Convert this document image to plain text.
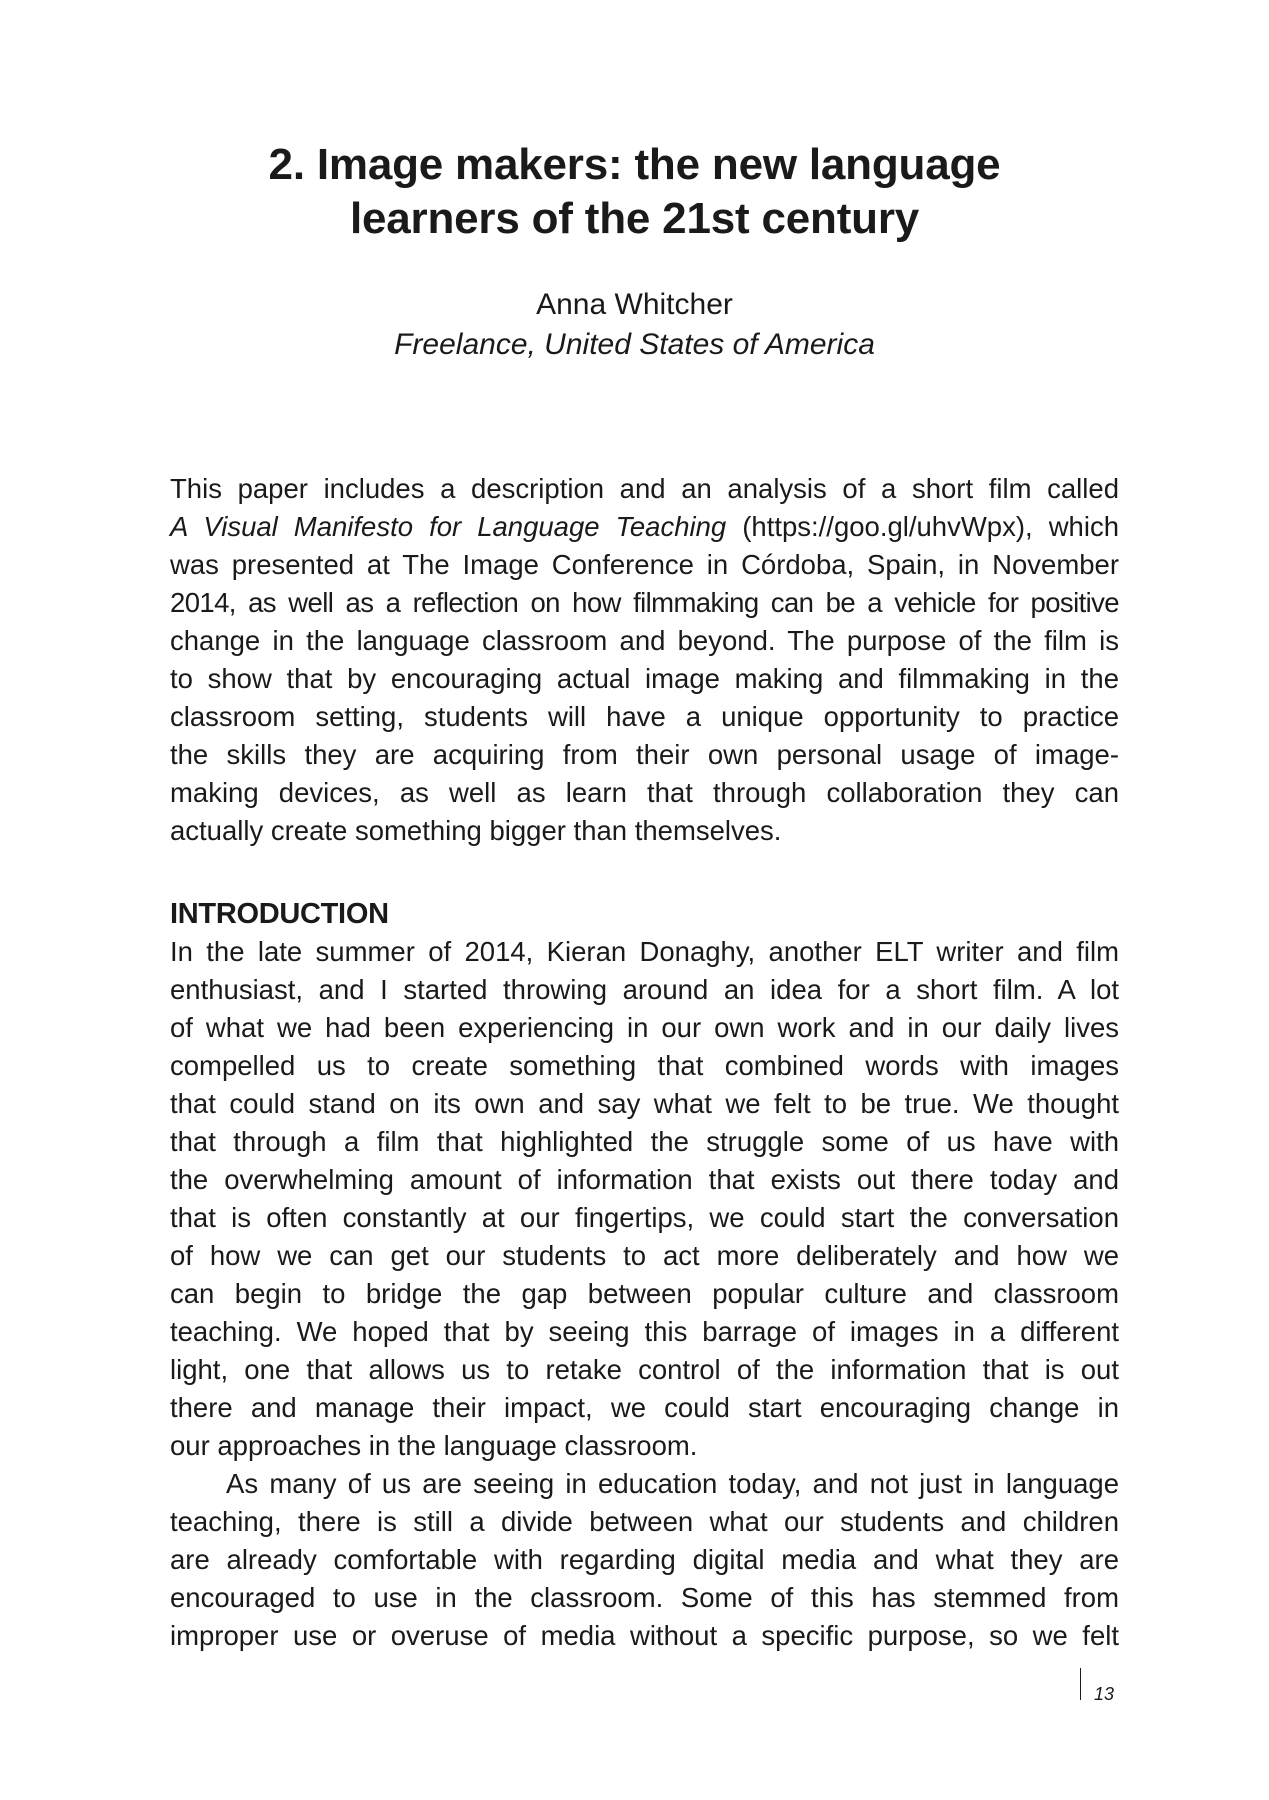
2. Image makers: the new language
learners of the 21st century
Anna Whitcher
Freelance, United States of America
This paper includes a description and an analysis of a short film called
A Visual Manifesto for Language Teaching (https://goo.gl/uhvWpx), which
was presented at The Image Conference in Córdoba, Spain, in November
2014, as well as a reflection on how filmmaking can be a vehicle for positive
change in the language classroom and beyond. The purpose of the film is
to show that by encouraging actual image making and filmmaking in the
classroom setting, students will have a unique opportunity to practice
the skills they are acquiring from their own personal usage of image-
making devices, as well as learn that through collaboration they can
actually create something bigger than themselves.
INTRODUCTION
In the late summer of 2014, Kieran Donaghy, another ELT writer and film
enthusiast, and I started throwing around an idea for a short film. A lot
of what we had been experiencing in our own work and in our daily lives
compelled us to create something that combined words with images
that could stand on its own and say what we felt to be true. We thought
that through a film that highlighted the struggle some of us have with
the overwhelming amount of information that exists out there today and
that is often constantly at our fingertips, we could start the conversation
of how we can get our students to act more deliberately and how we
can begin to bridge the gap between popular culture and classroom
teaching. We hoped that by seeing this barrage of images in a different
light, one that allows us to retake control of the information that is out
there and manage their impact, we could start encouraging change in
our approaches in the language classroom.
As many of us are seeing in education today, and not just in language
teaching, there is still a divide between what our students and children
are already comfortable with regarding digital media and what they are
encouraged to use in the classroom. Some of this has stemmed from
improper use or overuse of media without a specific purpose, so we felt
13
